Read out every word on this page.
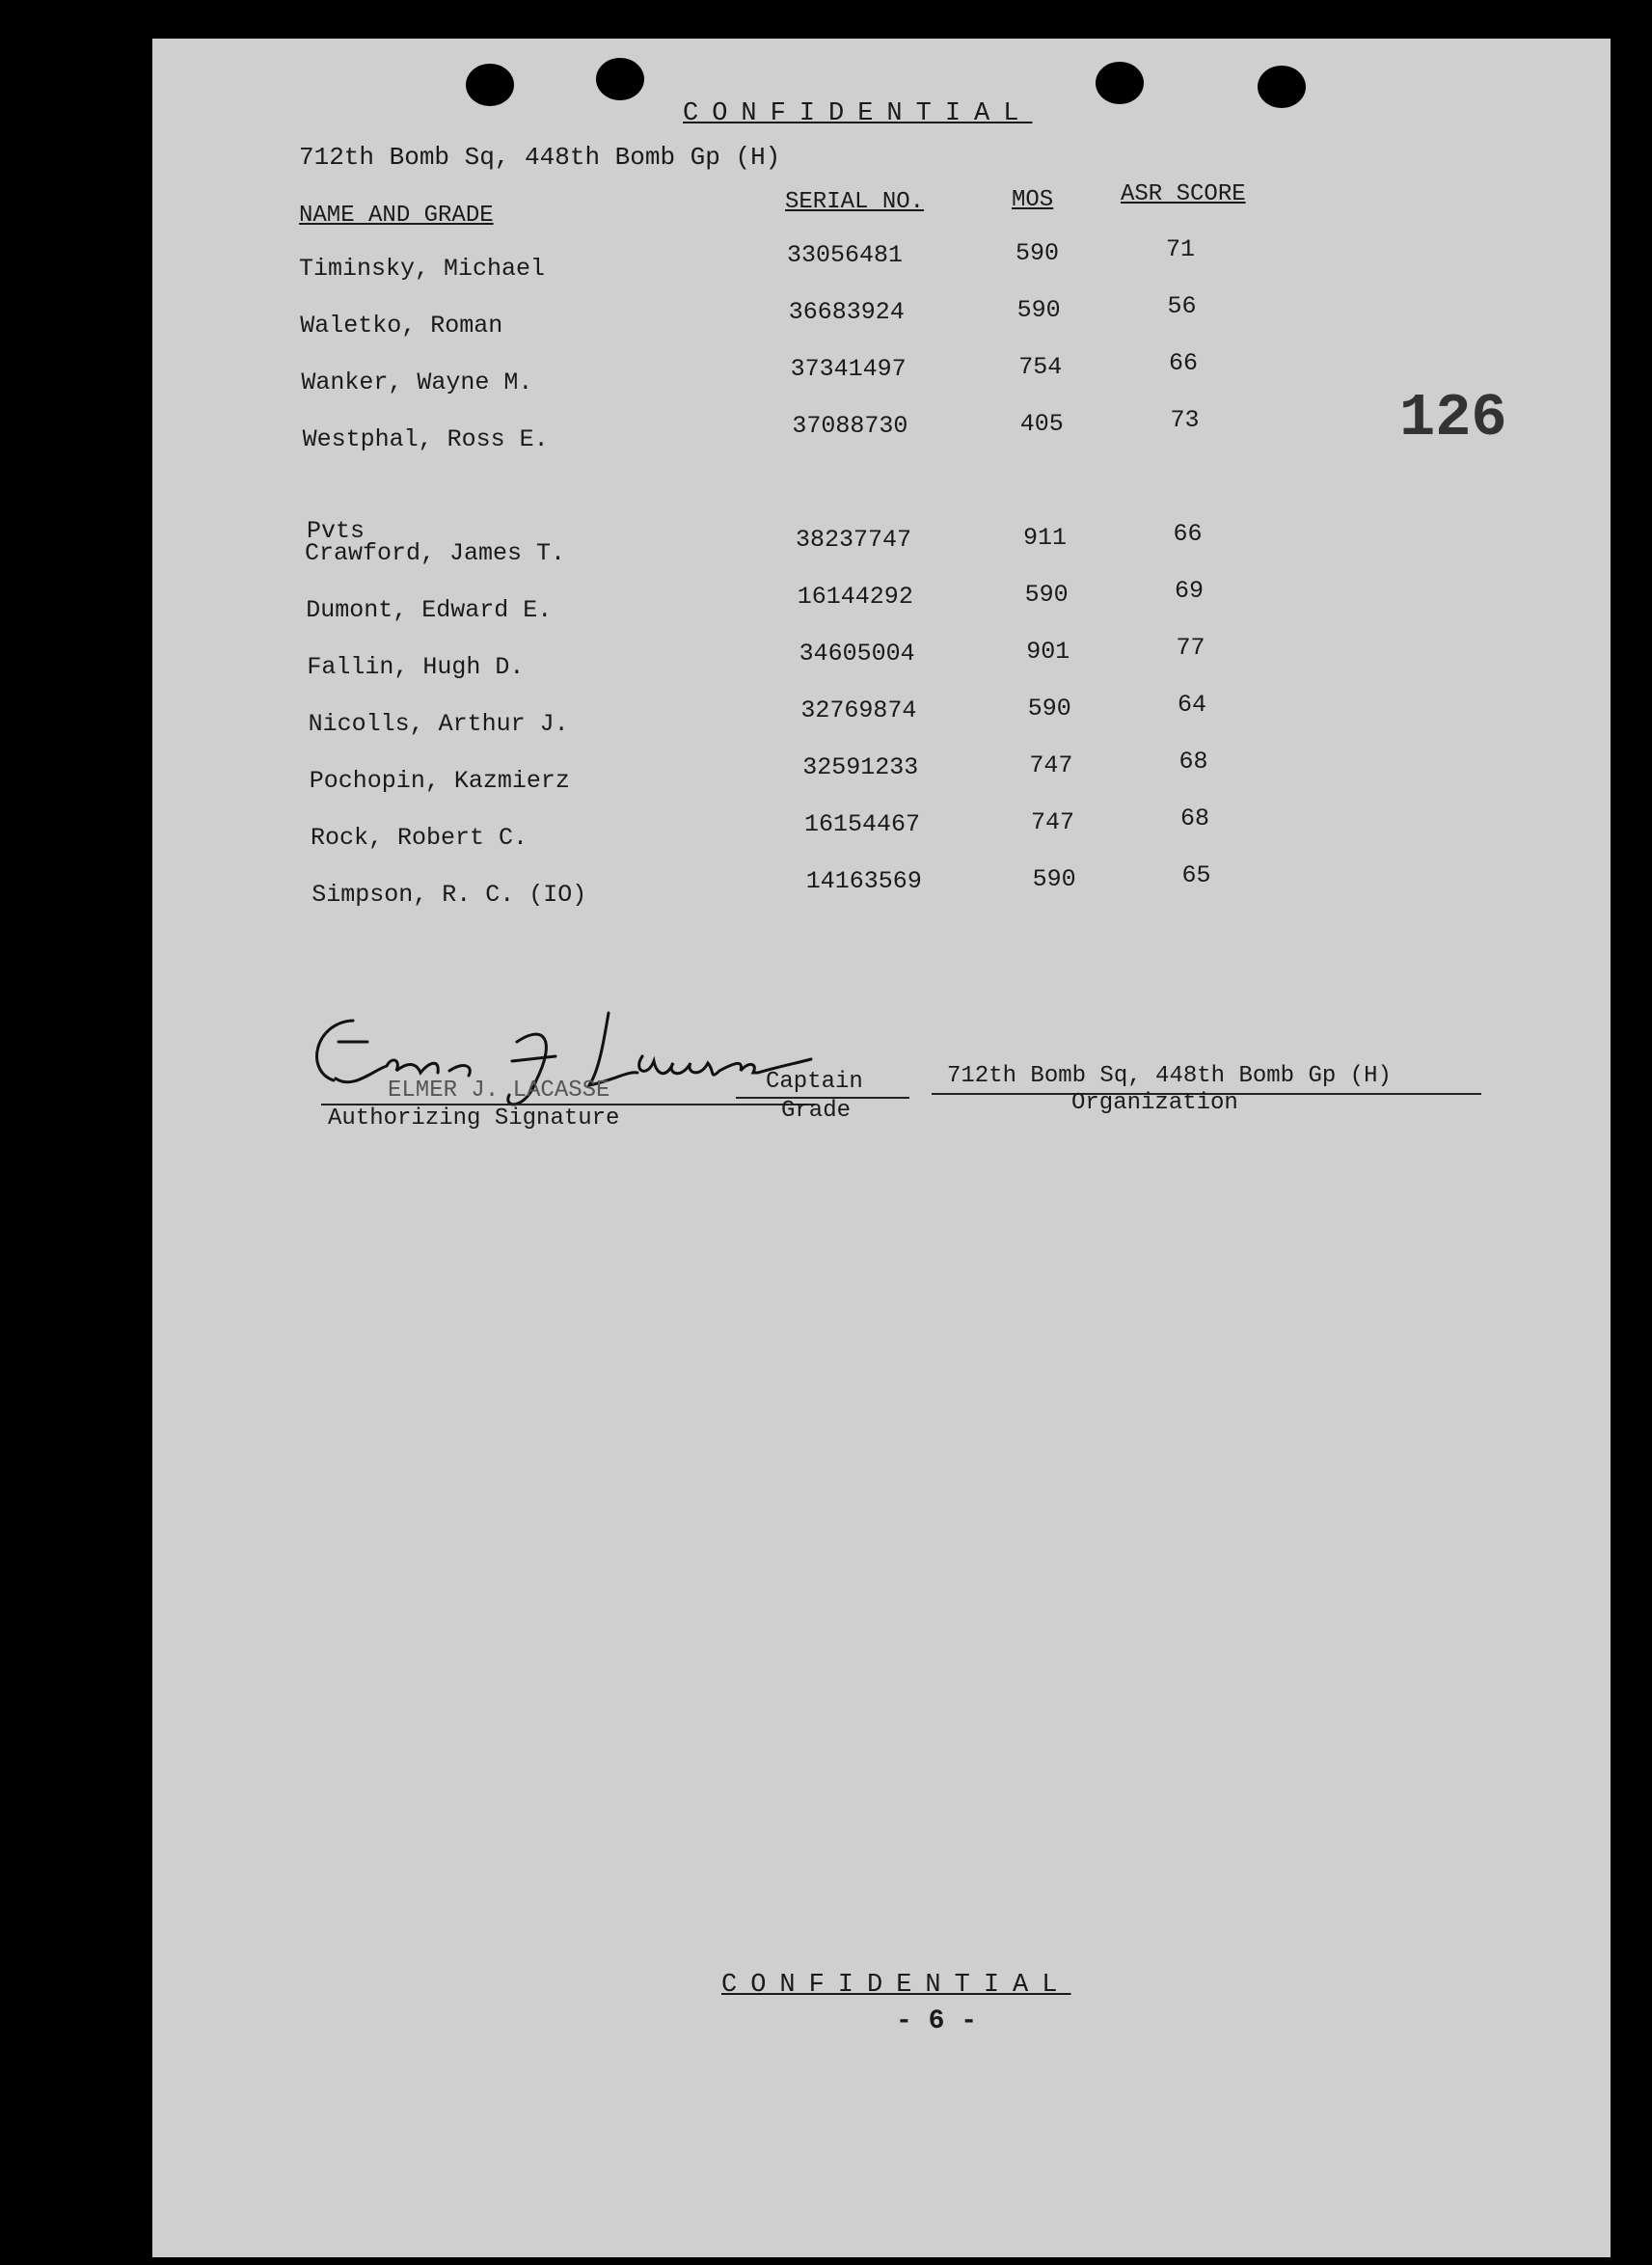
CONFIDENTIAL
712th Bomb Sq, 448th Bomb Gp (H)
126
NAME AND GRADE
SERIAL NO.	MOS	ASR SCORE
Timinsky, Michael	33056481	590	71
Waletko, Roman	36683924	590	56
Wanker, Wayne M.	37341497	754	66
Westphal, Ross E.	37088730	405	73
Pvts
Crawford, James T.	38237747	911	66
Dumont, Edward E.	16144292	590	69
Fallin, Hugh D.	34605004	901	77
Nicolls, Arthur J.	32769874	590	64
Pochopin, Kazmierz	32591233	747	68
Rock, Robert C.	16154467	747	68
Simpson, R. C. (IO)	14163569	590	65
ELMER J. LACASSE
Authorizing Signature
Captain
Grade
712th Bomb Sq, 448th Bomb Gp (H)
Organization
CONFIDENTIAL
- 6 -
